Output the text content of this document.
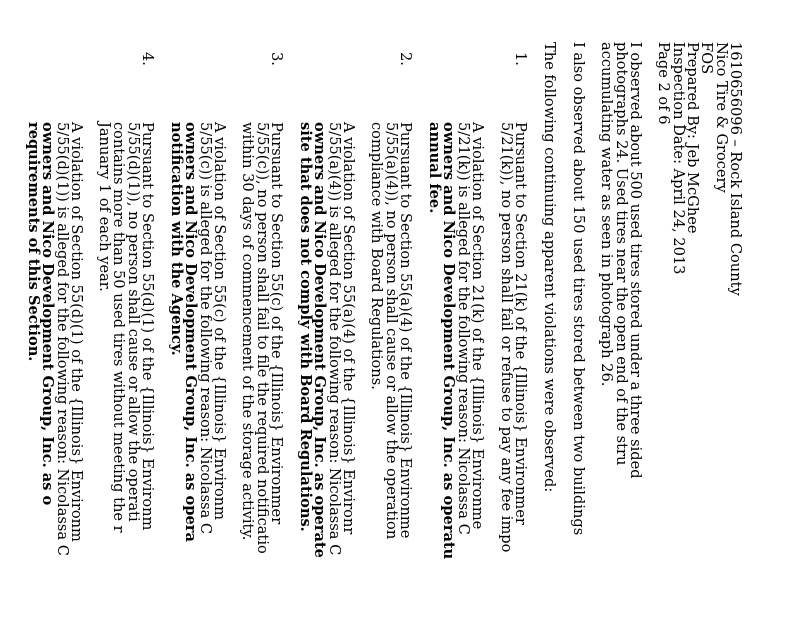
1610656096 – Rock Island County
Nico Tire & Grocery
FOS
Prepared By: Jeb McGhee
Inspection Date: April 24, 2013
Page 2 of 6
I observed about 500 used tires stored under a three sided
photographs 24. Used tires near the open end of the stru
accumulating water as seen in photograph 26.
I also observed about 150 used tires stored between two buildings
The following continuing apparent violations were observed:
1.
Pursuant to Section 21(k) of the {Illinois} Environmer
5/21(k)), no person shall fail or refuse to pay any fee impo
A violation of Section 21(k) of the {Illinois} Environme
5/21(k)) is alleged for the following reason: Nicolassa C
owners and Nico Development Group, Inc. as operatu
annual fee.
2.
Pursuant to Section 55(a)(4) of the {Illinois} Environme
5/55(a)(4)), no person shall cause or allow the operation
compliance with Board Regulations.
A violation of Section 55(a)(4) of the {Illinois} Environr
5/55(a)(4)) is alleged for the following reason: Nicolassa C
owners and Nico Development Group, Inc. as operate
site that does not comply with Board Regulations.
3.
Pursuant to Section 55(c) of the {Illinois} Environmer
5/55(c)), no person shall fail to file the required notificatio
within 30 days of commencement of the storage activity.
A violation of Section 55(c) of the {Illinois} Environm
5/55(c)) is alleged for the following reason: Nicolassa C
owners and Nico Development Group, Inc. as opera
notification with the Agency.
4.
Pursuant to Section 55(d)(1) of the {Illinois} Environm
5/55(d)(1)), no person shall cause or allow the operati
contains more than 50 used tires without meeting the r
January 1 of each year.
A violation of Section 55(d)(1) of the {Illinois} Environm
5/55(d)(1)) is alleged for the following reason: Nicolassa C
owners and Nico Development Group, Inc. as o
requirements of this Section.
